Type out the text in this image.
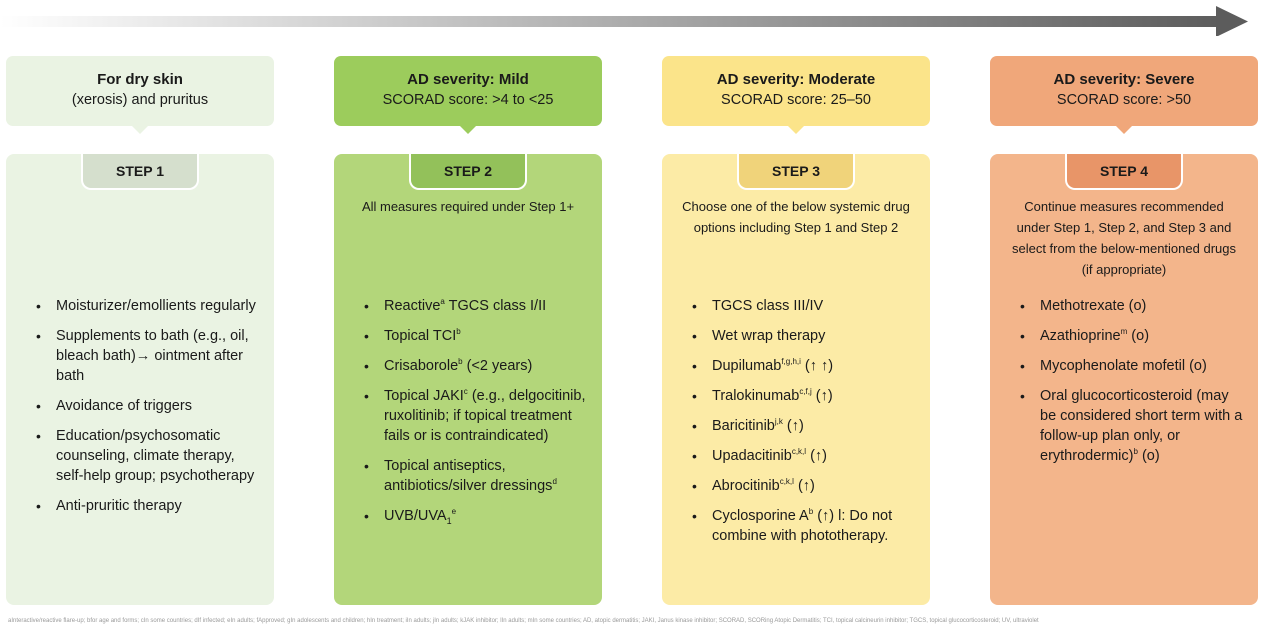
For dry skin
(xerosis) and pruritus
STEP 1
• Moisturizer/emollients regularly
• Supplements to bath (e.g., oil, bleach bath)→ ointment after bath
• Avoidance of triggers
• Education/psychosomatic counseling, climate therapy, self-help group; psychotherapy
• Anti-pruritic therapy
AD severity: Mild
SCORAD score: >4 to <25
STEP 2
All measures required under Step 1+
• Reactive$^a$ TGCS class I/II
• Topical TCI$^b$
• Crisaborole$^b$ (<2 years)
• Topical JAKI$^c$ (e.g., delgocitinib, ruxolitinib; if topical treatment fails or is contraindicated)
• Topical antiseptics, antibiotics/silver dressings$^d$
• UVB/$UVA_1^e$
AD severity: Moderate
SCORAD score: 25–50
STEP 3
Choose one of the below systemic drug options including Step 1 and Step 2
• TGCS class III/IV
• Wet wrap therapy
• Dupilumab$^{f,g,h,i}$ (↑ ↑)
• Tralokinumab$^{c,f,j}$ (↑)
• Baricitinib$^{j,k}$ (↑)
• Upadacitinib$^{c,k,l}$ (↑)
• Abrocitinib$^{c,k,l}$ (↑)
• Cyclosporine $A^b$ (↑) l: Do not combine with phototherapy.
AD severity: Severe
SCORAD score: >50
STEP 4
Continue measures recommended under Step 1, Step 2, and Step 3 and select from the below-mentioned drugs (if appropriate)
• Methotrexate (o)
• Azathioprine$^m$ (o)
• Mycophenolate mofetil (o)
• Oral glucocorticosteroid (may be considered short term with a follow-up plan only, or erythrodermic)$^b$ (o)
aInteractive/reactive flare-up; bfor age and forms; cIn some countries; dIf infected; eIn adults; fApproved; gIn adolescents and children; hIn treatment; iIn adults; jIn adults; kJAK inhibitor; lIn adults; mIn some countries; AD, atopic dermatitis; JAKI, Janus kinase inhibitor; SCORAD, SCORing Atopic Dermatitis; TCI, topical calcineurin inhibitor; TGCS, topical glucocorticosteroid; UV, ultraviolet
